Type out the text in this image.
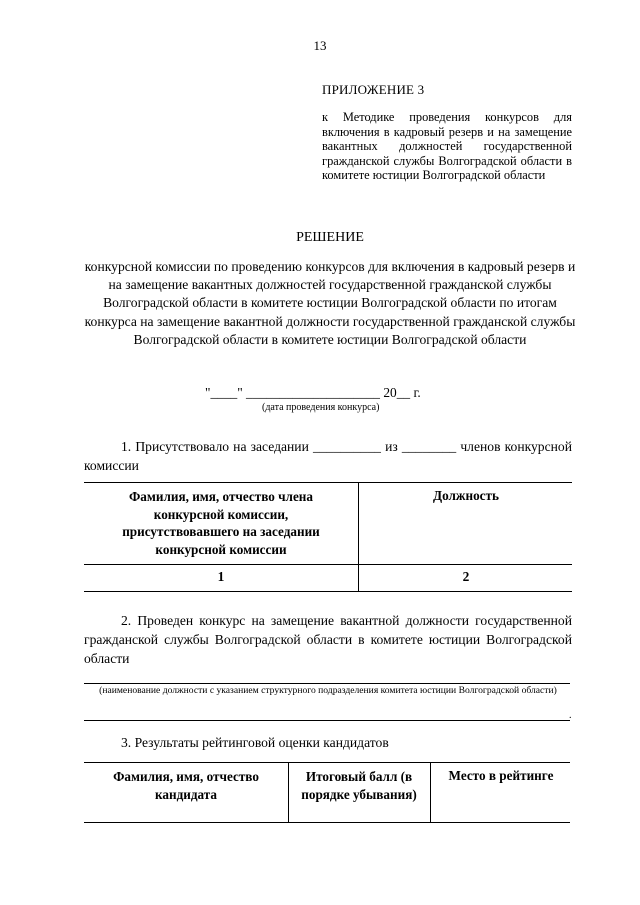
13
ПРИЛОЖЕНИЕ 3
к Методике проведения конкурсов для включения в кадровый резерв и на замещение вакантных должностей государственной гражданской службы Волгоградской области в комитете юстиции Волгоградской области
РЕШЕНИЕ
конкурсной комиссии по проведению конкурсов для включения в кадровый резерв и на замещение вакантных должностей государственной гражданской службы Волгоградской области в комитете юстиции Волгоградской области по итогам конкурса на замещение вакантной должности государственной гражданской службы Волгоградской области в комитете юстиции Волгоградской области
"____" ____________________ 20__ г.
(дата проведения конкурса)
1. Присутствовало на заседании __________ из ________ членов конкурсной комиссии
Фамилия, имя, отчество члена конкурсной комиссии, присутствовавшего на заседании конкурсной комиссии
Должность
1	2
2. Проведен конкурс на замещение вакантной должности государственной гражданской службы Волгоградской области в комитете юстиции Волгоградской области
(наименование должности с указанием структурного подразделения комитета юстиции Волгоградской области)
.
3. Результаты рейтинговой оценки кандидатов
Фамилия, имя, отчество кандидата
Итоговый балл (в порядке убывания)
Место в рейтинге
